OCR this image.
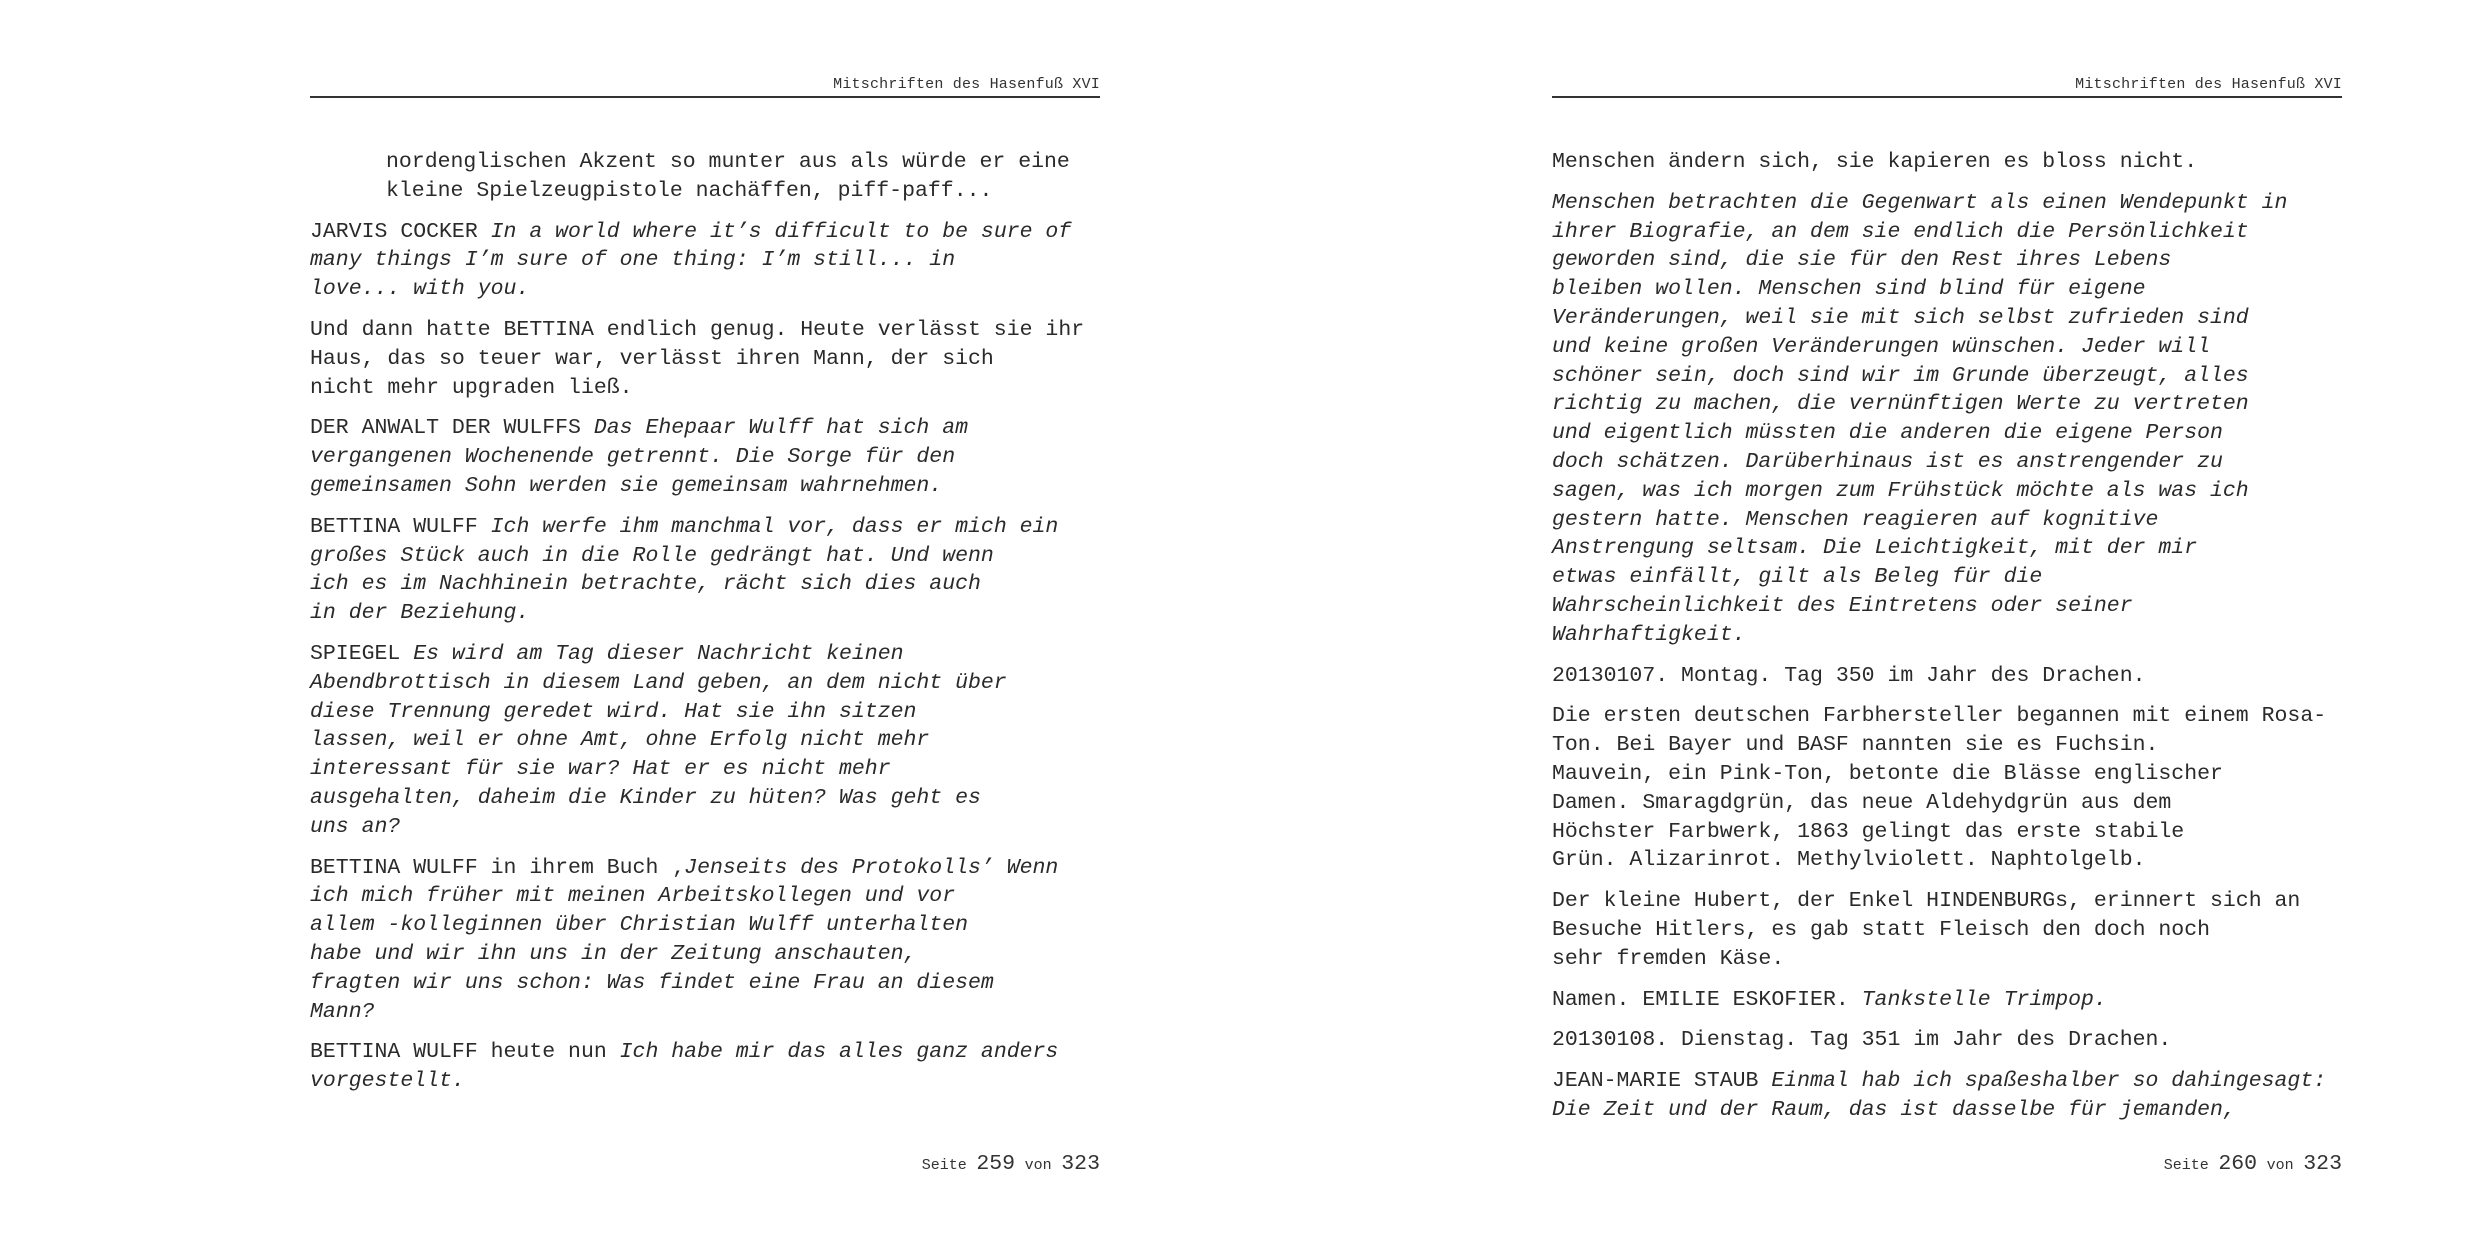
Mitschriften des Hasenfuß XVI
nordenglischen Akzent so munter aus als würde er eine
kleine Spielzeugpistole nachäffen, piff-paff...
JARVIS COCKER In a world where it’s difficult to be sure of
many things I’m sure of one thing: I’m still... in
love... with you.
Und dann hatte BETTINA endlich genug. Heute verlässt sie ihr
Haus, das so teuer war, verlässt ihren Mann, der sich
nicht mehr upgraden ließ.
DER ANWALT DER WULFFS Das Ehepaar Wulff hat sich am
vergangenen Wochenende getrennt. Die Sorge für den
gemeinsamen Sohn werden sie gemeinsam wahrnehmen.
BETTINA WULFF Ich werfe ihm manchmal vor, dass er mich ein
großes Stück auch in die Rolle gedrängt hat. Und wenn
ich es im Nachhinein betrachte, rächt sich dies auch
in der Beziehung.
SPIEGEL Es wird am Tag dieser Nachricht keinen
Abendbrottisch in diesem Land geben, an dem nicht über
diese Trennung geredet wird. Hat sie ihn sitzen
lassen, weil er ohne Amt, ohne Erfolg nicht mehr
interessant für sie war? Hat er es nicht mehr
ausgehalten, daheim die Kinder zu hüten? Was geht es
uns an?
BETTINA WULFF in ihrem Buch ‚Jenseits des Protokolls’ Wenn
ich mich früher mit meinen Arbeitskollegen und vor
allem -kolleginnen über Christian Wulff unterhalten
habe und wir ihn uns in der Zeitung anschauten,
fragten wir uns schon: Was findet eine Frau an diesem
Mann?
BETTINA WULFF heute nun Ich habe mir das alles ganz anders
vorgestellt.
Seite 259 von 323
Mitschriften des Hasenfuß XVI
Menschen ändern sich, sie kapieren es bloss nicht.
Menschen betrachten die Gegenwart als einen Wendepunkt in
ihrer Biografie, an dem sie endlich die Persönlichkeit
geworden sind, die sie für den Rest ihres Lebens
bleiben wollen. Menschen sind blind für eigene
Veränderungen, weil sie mit sich selbst zufrieden sind
und keine großen Veränderungen wünschen. Jeder will
schöner sein, doch sind wir im Grunde überzeugt, alles
richtig zu machen, die vernünftigen Werte zu vertreten
und eigentlich müssten die anderen die eigene Person
doch schätzen. Darüberhinaus ist es anstrengender zu
sagen, was ich morgen zum Frühstück möchte als was ich
gestern hatte. Menschen reagieren auf kognitive
Anstrengung seltsam. Die Leichtigkeit, mit der mir
etwas einfällt, gilt als Beleg für die
Wahrscheinlichkeit des Eintretens oder seiner
Wahrhaftigkeit.
20130107. Montag. Tag 350 im Jahr des Drachen.
Die ersten deutschen Farbhersteller begannen mit einem Rosa-
Ton. Bei Bayer und BASF nannten sie es Fuchsin.
Mauvein, ein Pink-Ton, betonte die Blässe englischer
Damen. Smaragdgrün, das neue Aldehydgrün aus dem
Höchster Farbwerk, 1863 gelingt das erste stabile
Grün. Alizarinrot. Methylviolett. Naphtolgelb.
Der kleine Hubert, der Enkel HINDENBURGs, erinnert sich an
Besuche Hitlers, es gab statt Fleisch den doch noch
sehr fremden Käse.
Namen. EMILIE ESKOFIER. Tankstelle Trimpop.
20130108. Dienstag. Tag 351 im Jahr des Drachen.
JEAN-MARIE STAUB Einmal hab ich spaßeshalber so dahingesagt:
Die Zeit und der Raum, das ist dasselbe für jemanden,
Seite 260 von 323
